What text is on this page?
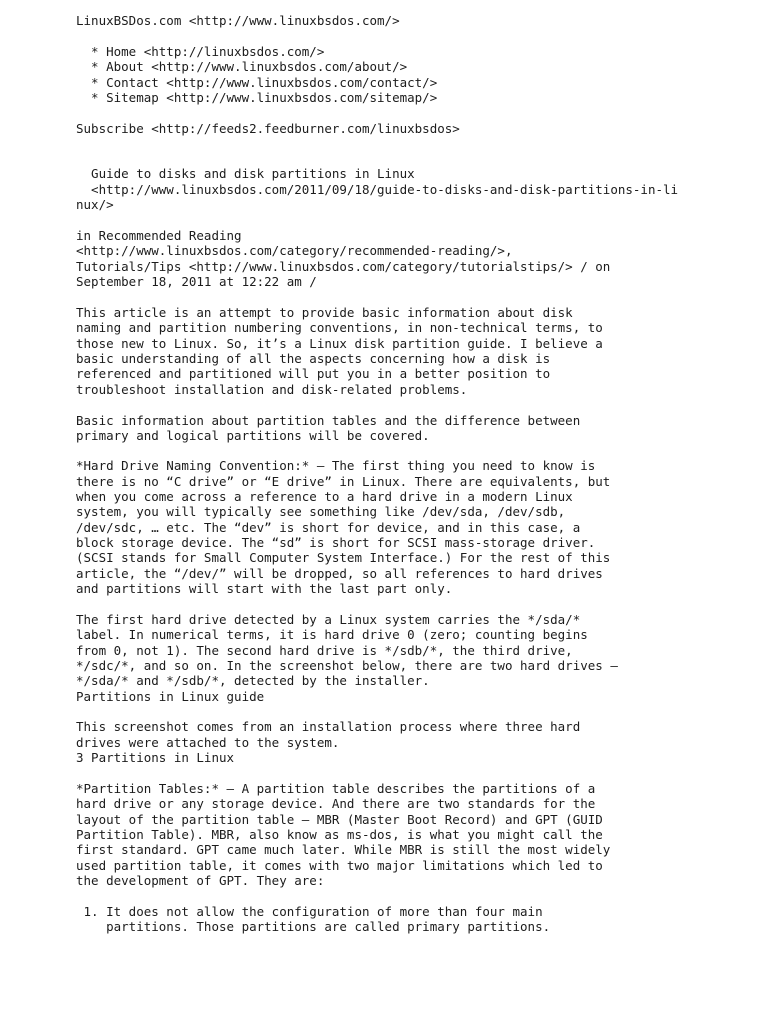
LinuxBSDos.com <http://www.linuxbsdos.com/>
* Home <http://linuxbsdos.com/>
* About <http://www.linuxbsdos.com/about/>
* Contact <http://www.linuxbsdos.com/contact/>
* Sitemap <http://www.linuxbsdos.com/sitemap/>
Subscribe <http://feeds2.feedburner.com/linuxbsdos>
Guide to disks and disk partitions in Linux
<http://www.linuxbsdos.com/2011/09/18/guide-to-disks-and-disk-partitions-in-li
nux/>
in Recommended Reading
<http://www.linuxbsdos.com/category/recommended-reading/>,
Tutorials/Tips <http://www.linuxbsdos.com/category/tutorialstips/> / on
September 18, 2011 at 12:22 am /
This article is an attempt to provide basic information about disk
naming and partition numbering conventions, in non-technical terms, to
those new to Linux. So, it’s a Linux disk partition guide. I believe a
basic understanding of all the aspects concerning how a disk is
referenced and partitioned will put you in a better position to
troubleshoot installation and disk-related problems.
Basic information about partition tables and the difference between
primary and logical partitions will be covered.
*Hard Drive Naming Convention:* – The first thing you need to know is
there is no “C drive” or “E drive” in Linux. There are equivalents, but
when you come across a reference to a hard drive in a modern Linux
system, you will typically see something like /dev/sda, /dev/sdb,
/dev/sdc, … etc. The “dev” is short for device, and in this case, a
block storage device. The “sd” is short for SCSI mass-storage driver.
(SCSI stands for Small Computer System Interface.) For the rest of this
article, the “/dev/” will be dropped, so all references to hard drives
and partitions will start with the last part only.
The first hard drive detected by a Linux system carries the */sda/*
label. In numerical terms, it is hard drive 0 (zero; counting begins
from 0, not 1). The second hard drive is */sdb/*, the third drive,
*/sdc/*, and so on. In the screenshot below, there are two hard drives –
*/sda/* and */sdb/*, detected by the installer.
Partitions in Linux guide
This screenshot comes from an installation process where three hard
drives were attached to the system.
3 Partitions in Linux
*Partition Tables:* – A partition table describes the partitions of a
hard drive or any storage device. And there are two standards for the
layout of the partition table – MBR (Master Boot Record) and GPT (GUID
Partition Table). MBR, also know as ms-dos, is what you might call the
first standard. GPT came much later. While MBR is still the most widely
used partition table, it comes with two major limitations which led to
the development of GPT. They are:
1. It does not allow the configuration of more than four main
partitions. Those partitions are called primary partitions.
